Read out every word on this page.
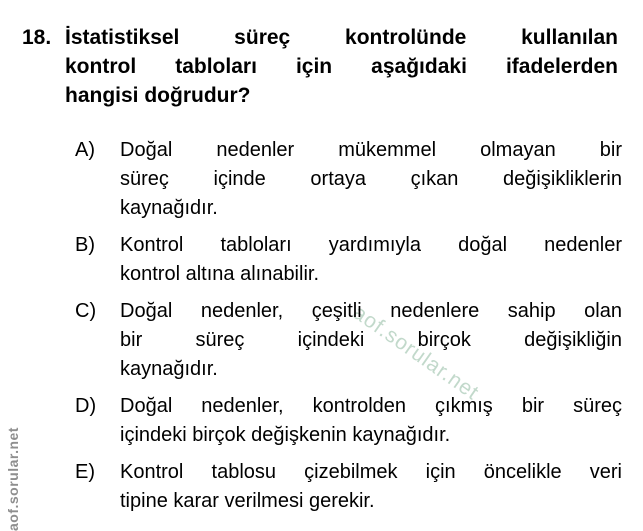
aof.sorular.net
aof.sorular.net
18. İstatistiksel süreç kontrolünde kullanılan
kontrol tabloları için aşağıdaki ifadelerden
hangisi doğrudur?
A)	Doğal nedenler mükemmel olmayan bir
süreç içinde ortaya çıkan değişikliklerin
kaynağıdır.
B)	Kontrol tabloları yardımıyla doğal nedenler
kontrol altına alınabilir.
C)	Doğal nedenler, çeşitli nedenlere sahip olan
bir süreç içindeki birçok değişikliğin
kaynağıdır.
D)	Doğal nedenler, kontrolden çıkmış bir süreç
içindeki birçok değişkenin kaynağıdır.
E)	Kontrol tablosu çizebilmek için öncelikle veri
tipine karar verilmesi gerekir.
